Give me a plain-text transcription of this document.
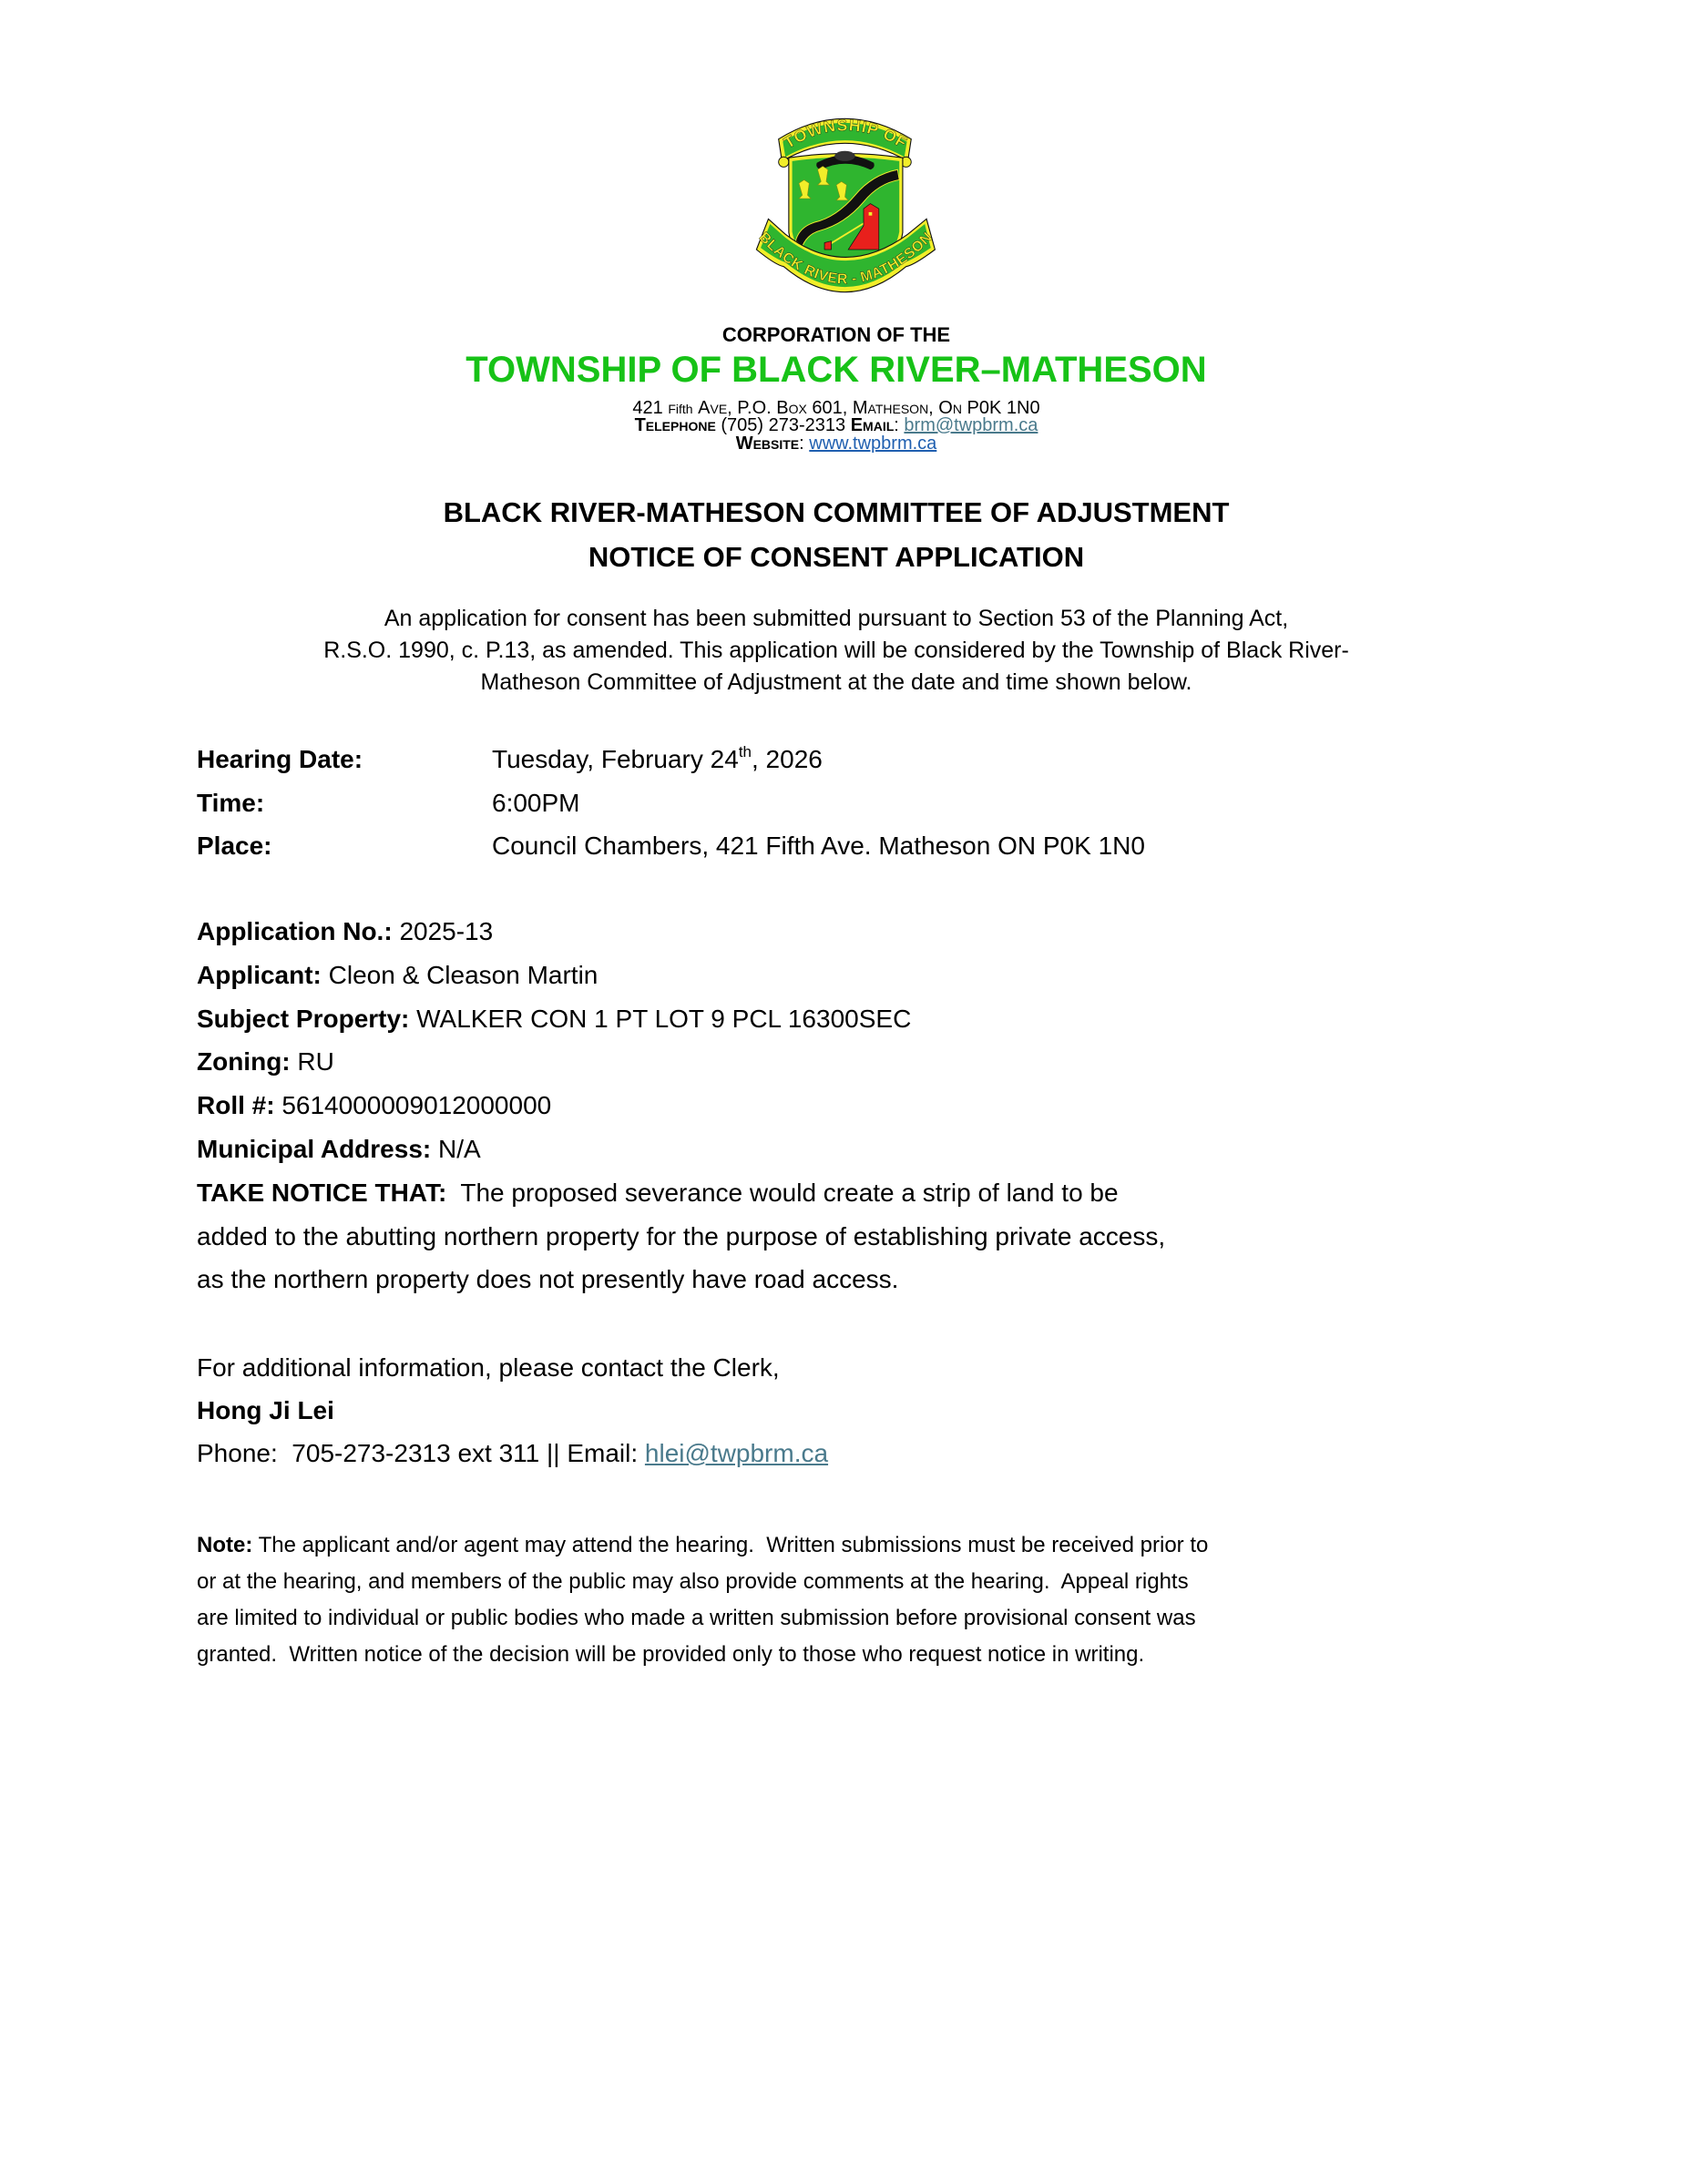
TOWNSHIP OF
BLACK RIVER - MATHESON
CORPORATION OF THE
TOWNSHIP OF BLACK RIVER–MATHESON
421 Fifth Ave, P.O. Box 601, Matheson, On P0K 1N0
Telephone (705) 273-2313 Email: brm@twpbrm.ca
Website: www.twpbrm.ca
BLACK RIVER-MATHESON COMMITTEE OF ADJUSTMENT
NOTICE OF CONSENT APPLICATION
An application for consent has been submitted pursuant to Section 53 of the Planning Act,
R.S.O. 1990, c. P.13, as amended. This application will be considered by the Township of Black River-
Matheson Committee of Adjustment at the date and time shown below.
Hearing Date:	Tuesday, February 24th, 2026
Time:	6:00PM
Place:	Council Chambers, 421 Fifth Ave. Matheson ON P0K 1N0
Application No.: 2025-13
Applicant: Cleon & Cleason Martin
Subject Property: WALKER CON 1 PT LOT 9 PCL 16300SEC
Zoning: RU
Roll #: 5614000009012000000
Municipal Address: N/A
TAKE NOTICE THAT: The proposed severance would create a strip of land to be
added to the abutting northern property for the purpose of establishing private access,
as the northern property does not presently have road access.
For additional information, please contact the Clerk,
Hong Ji Lei
Phone:  705-273-2313 ext 311 || Email: hlei@twpbrm.ca
Note: The applicant and/or agent may attend the hearing.  Written submissions must be received prior to
or at the hearing, and members of the public may also provide comments at the hearing.  Appeal rights
are limited to individual or public bodies who made a written submission before provisional consent was
granted.  Written notice of the decision will be provided only to those who request notice in writing.
